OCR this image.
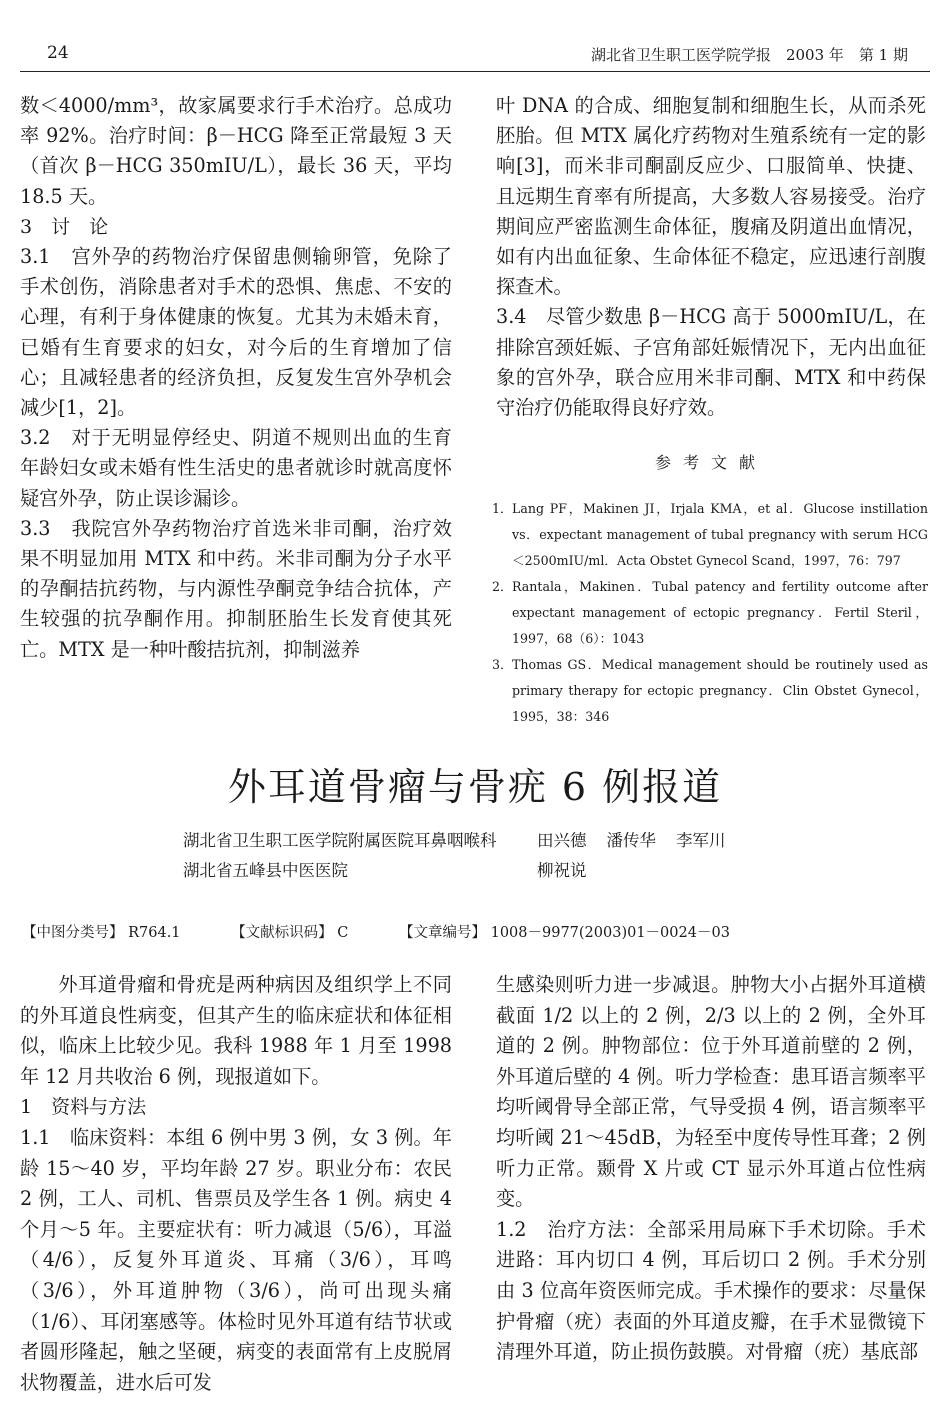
24	湖北省卫生职工医学院学报　2003 年　第 1 期

数＜4000/mm³，故家属要求行手术治疗。总成功率 92%。治疗时间：β－HCG 降至正常最短 3 天（首次 β－HCG 350mIU/L），最长 36 天，平均 18.5 天。

3　讨　论

3.1　宫外孕的药物治疗保留患侧输卵管，免除了手术创伤，消除患者对手术的恐惧、焦虑、不安的心理，有利于身体健康的恢复。尤其为未婚未育，已婚有生育要求的妇女，对今后的生育增加了信心；且减轻患者的经济负担，反复发生宫外孕机会减少[1，2]。

3.2　对于无明显停经史、阴道不规则出血的生育年龄妇女或未婚有性生活史的患者就诊时就高度怀疑宫外孕，防止误诊漏诊。

3.3　我院宫外孕药物治疗首选米非司酮，治疗效果不明显加用 MTX 和中药。米非司酮为分子水平的孕酮拮抗药物，与内源性孕酮竞争结合抗体，产生较强的抗孕酮作用。抑制胚胎生长发育使其死亡。MTX 是一种叶酸拮抗剂，抑制滋养

叶 DNA 的合成、细胞复制和细胞生长，从而杀死胚胎。但 MTX 属化疗药物对生殖系统有一定的影响[3]，而米非司酮副反应少、口服简单、快捷、且远期生育率有所提高，大多数人容易接受。治疗期间应严密监测生命体征，腹痛及阴道出血情况，如有内出血征象、生命体征不稳定，应迅速行剖腹探查术。

3.4　尽管少数患 β－HCG 高于 5000mIU/L，在排除宫颈妊娠、子宫角部妊娠情况下，无内出血征象的宫外孕，联合应用米非司酮、MTX 和中药保守治疗仍能取得良好疗效。

参考文献
1． Lang PF，Makinen JI，Irjala KMA，et al．Glucose instillation vs．expectant management of tubal pregnancy with serum HCG＜2500mIU/ml．Acta Obstet Gynecol Scand，1997，76：797
2． Rantala，Makinen．Tubal patency and fertility outcome after expectant management of ectopic pregnancy．Fertil Steril，1997，68（6）：1043
3． Thomas GS．Medical management should be routinely used as primary therapy for ectopic pregnancy．Clin Obstet Gynecol，1995，38：346
外耳道骨瘤与骨疣 6 例报道
湖北省卫生职工医学院附属医院耳鼻咽喉科
湖北省五峰县中医医院
田兴德 潘传华 李军川
柳祝说
【中图分类号】 R764.1	【文献标识码】 C	【文章编号】 1008－9977(2003)01－0024－03

外耳道骨瘤和骨疣是两种病因及组织学上不同的外耳道良性病变，但其产生的临床症状和体征相似，临床上比较少见。我科 1988 年 1 月至 1998 年 12 月共收治 6 例，现报道如下。

1　资料与方法

1.1　临床资料：本组 6 例中男 3 例，女 3 例。年龄 15～40 岁，平均年龄 27 岁。职业分布：农民 2 例，工人、司机、售票员及学生各 1 例。病史 4 个月～5 年。主要症状有：听力减退（5/6），耳溢（4/6），反复外耳道炎、耳痛（3/6），耳鸣（3/6），外耳道肿物（3/6），尚可出现头痛（1/6）、耳闭塞感等。体检时见外耳道有结节状或者圆形隆起，触之坚硬，病变的表面常有上皮脱屑状物覆盖，进水后可发

生感染则听力进一步减退。肿物大小占据外耳道横截面 1/2 以上的 2 例，2/3 以上的 2 例，全外耳道的 2 例。肿物部位：位于外耳道前壁的 2 例，外耳道后壁的 4 例。听力学检查：患耳语言频率平均听阈骨导全部正常，气导受损 4 例，语言频率平均听阈 21～45dB，为轻至中度传导性耳聋；2 例听力正常。颞骨 X 片或 CT 显示外耳道占位性病变。

1.2　治疗方法：全部采用局麻下手术切除。手术进路：耳内切口 4 例，耳后切口 2 例。手术分别由 3 位高年资医师完成。手术操作的要求：尽量保护骨瘤（疣）表面的外耳道皮瓣，在手术显微镜下清理外耳道，防止损伤鼓膜。对骨瘤（疣）基底部
